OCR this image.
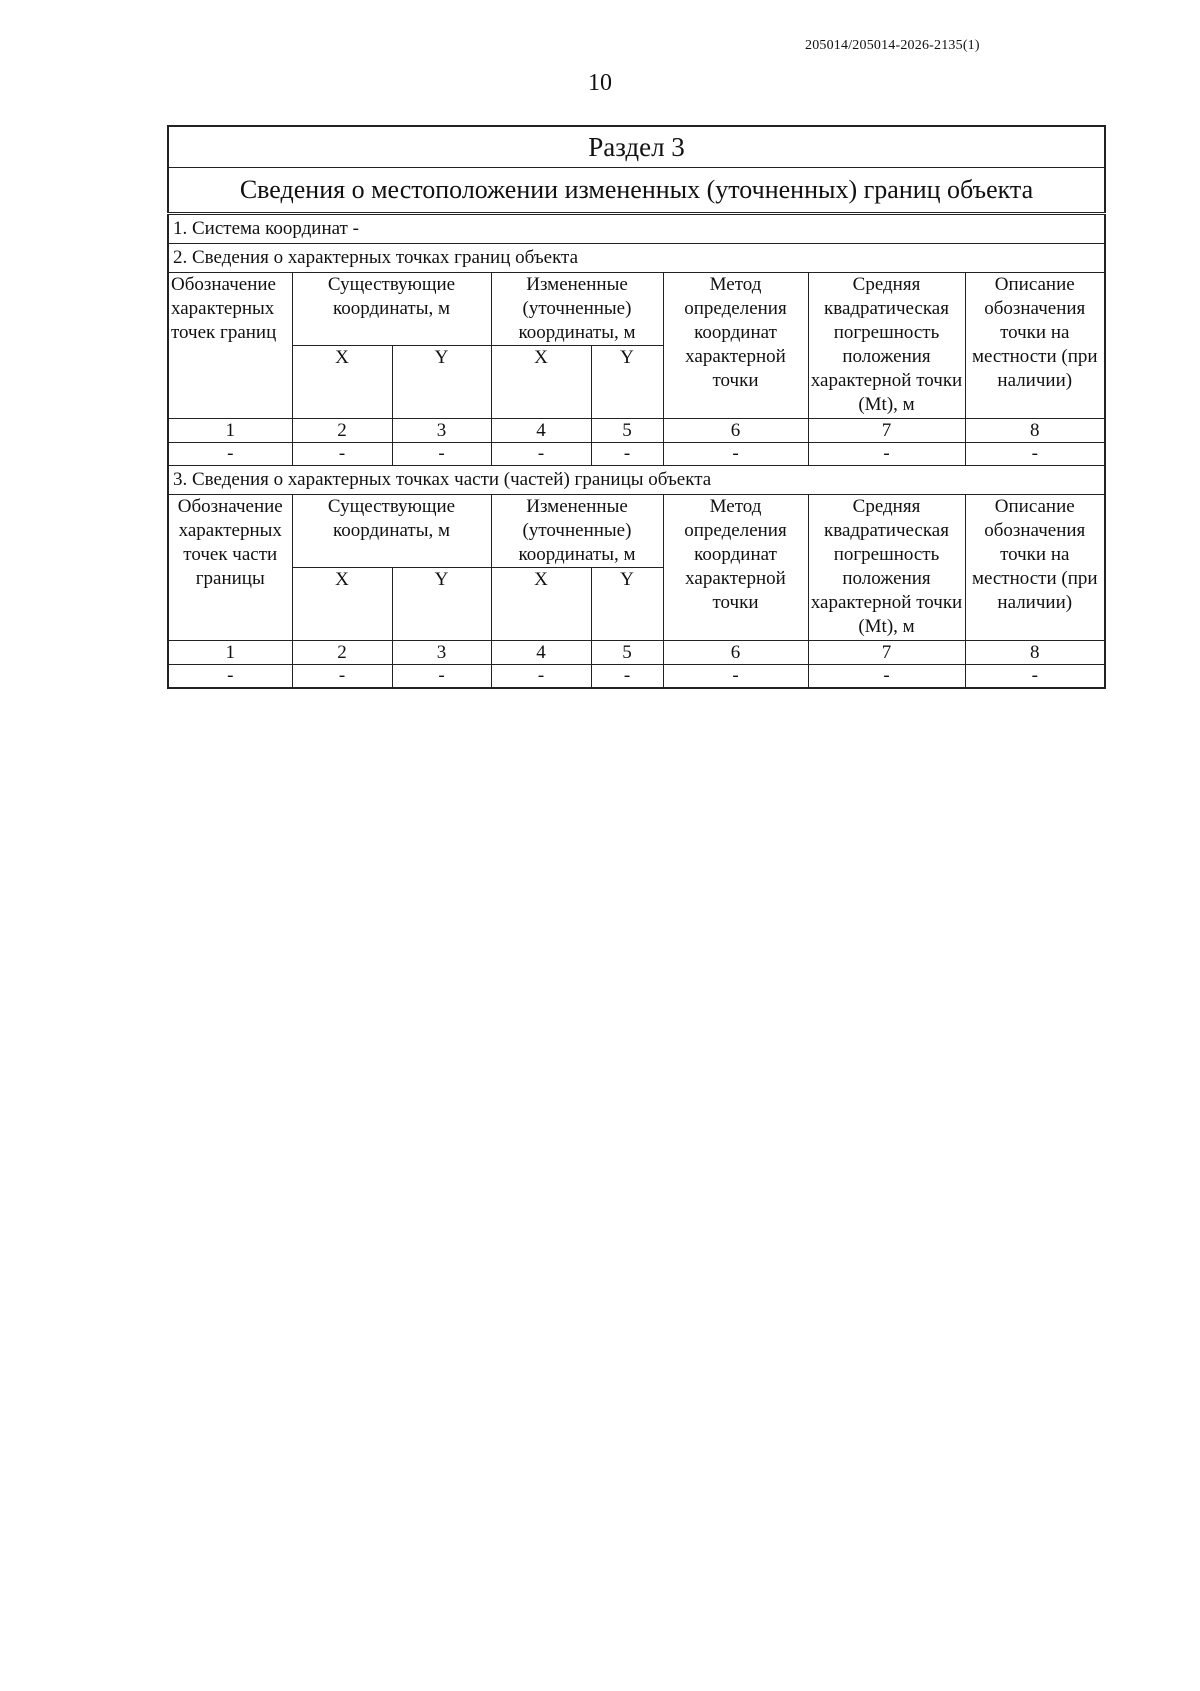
205014/205014-2026-2135(1)
10
Раздел 3							
Сведения о местоположении измененных (уточненных) границ объекта							
1. Система координат -							
2. Сведения о характерных точках границ объекта							
Обозначение характерных точек границ	Существующие координаты, м		Измененные (уточненные) координаты, м		Метод определения координат характерной точки	Средняя квадратическая погрешность положения характерной точки (Mt), м	Описание обозначения точки на местности (при наличии)
	X	Y	X	Y			
1	2	3	4	5	6	7	8
-	-	-	-	-	-	-	-
3. Сведения о характерных точках части (частей) границы объекта							
Обозначение характерных точек части границы	Существующие координаты, м		Измененные (уточненные) координаты, м		Метод определения координат характерной точки	Средняя квадратическая погрешность положения характерной точки (Mt), м	Описание обозначения точки на местности (при наличии)
	X	Y	X	Y			
1	2	3	4	5	6	7	8
-	-	-	-	-	-	-	-
